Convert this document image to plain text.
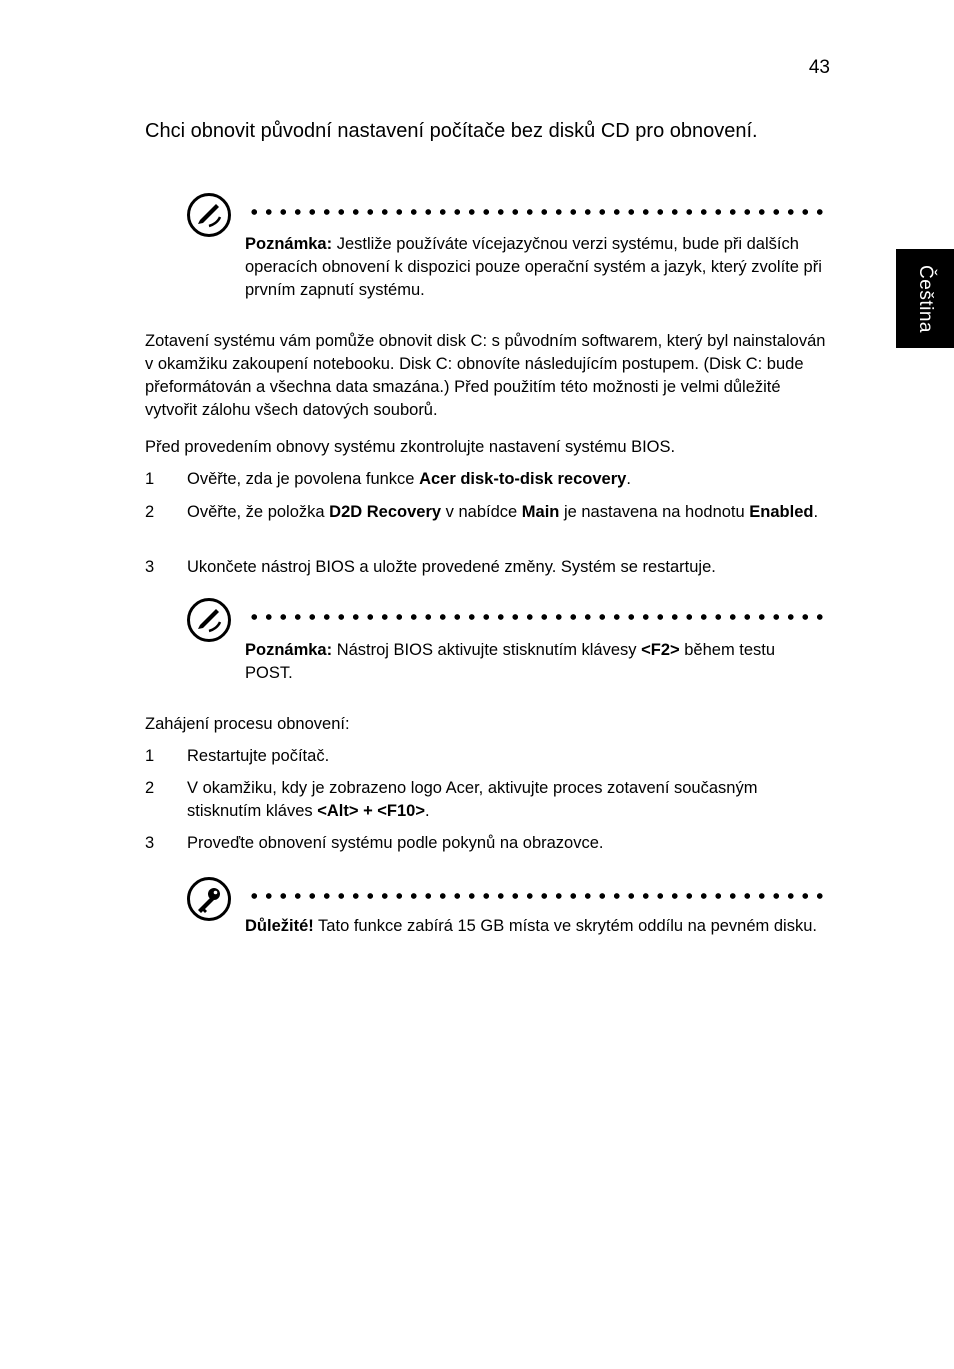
43
Čeština
Chci obnovit původní nastavení počítače bez disků CD pro obnovení.

Poznámka: Jestliže používáte vícejazyčnou verzi systému, bude při dalších operacích obnovení k dispozici pouze operační systém a jazyk, který zvolíte při prvním zapnutí systému.

Zotavení systému vám pomůže obnovit disk C: s původním softwarem, který byl nainstalován v okamžiku zakoupení notebooku. Disk C: obnovíte následujícím postupem. (Disk C: bude přeformátován a všechna data smazána.) Před použitím této možnosti je velmi důležité vytvořit zálohu všech datových souborů.

Před provedením obnovy systému zkontrolujte nastavení systému BIOS.

1 Ověřte, zda je povolena funkce Acer disk-to-disk recovery.
2 Ověřte, že položka D2D Recovery v nabídce Main je nastavena na hodnotu Enabled.
3 Ukončete nástroj BIOS a uložte provedené změny. Systém se restartuje.

Poznámka: Nástroj BIOS aktivujte stisknutím klávesy <F2> během testu POST.

Zahájení procesu obnovení:

1 Restartujte počítač.
2 V okamžiku, kdy je zobrazeno logo Acer, aktivujte proces zotavení současným stisknutím kláves <Alt> + <F10>.
3 Proveďte obnovení systému podle pokynů na obrazovce.

Důležité! Tato funkce zabírá 15 GB místa ve skrytém oddílu na pevném disku.
